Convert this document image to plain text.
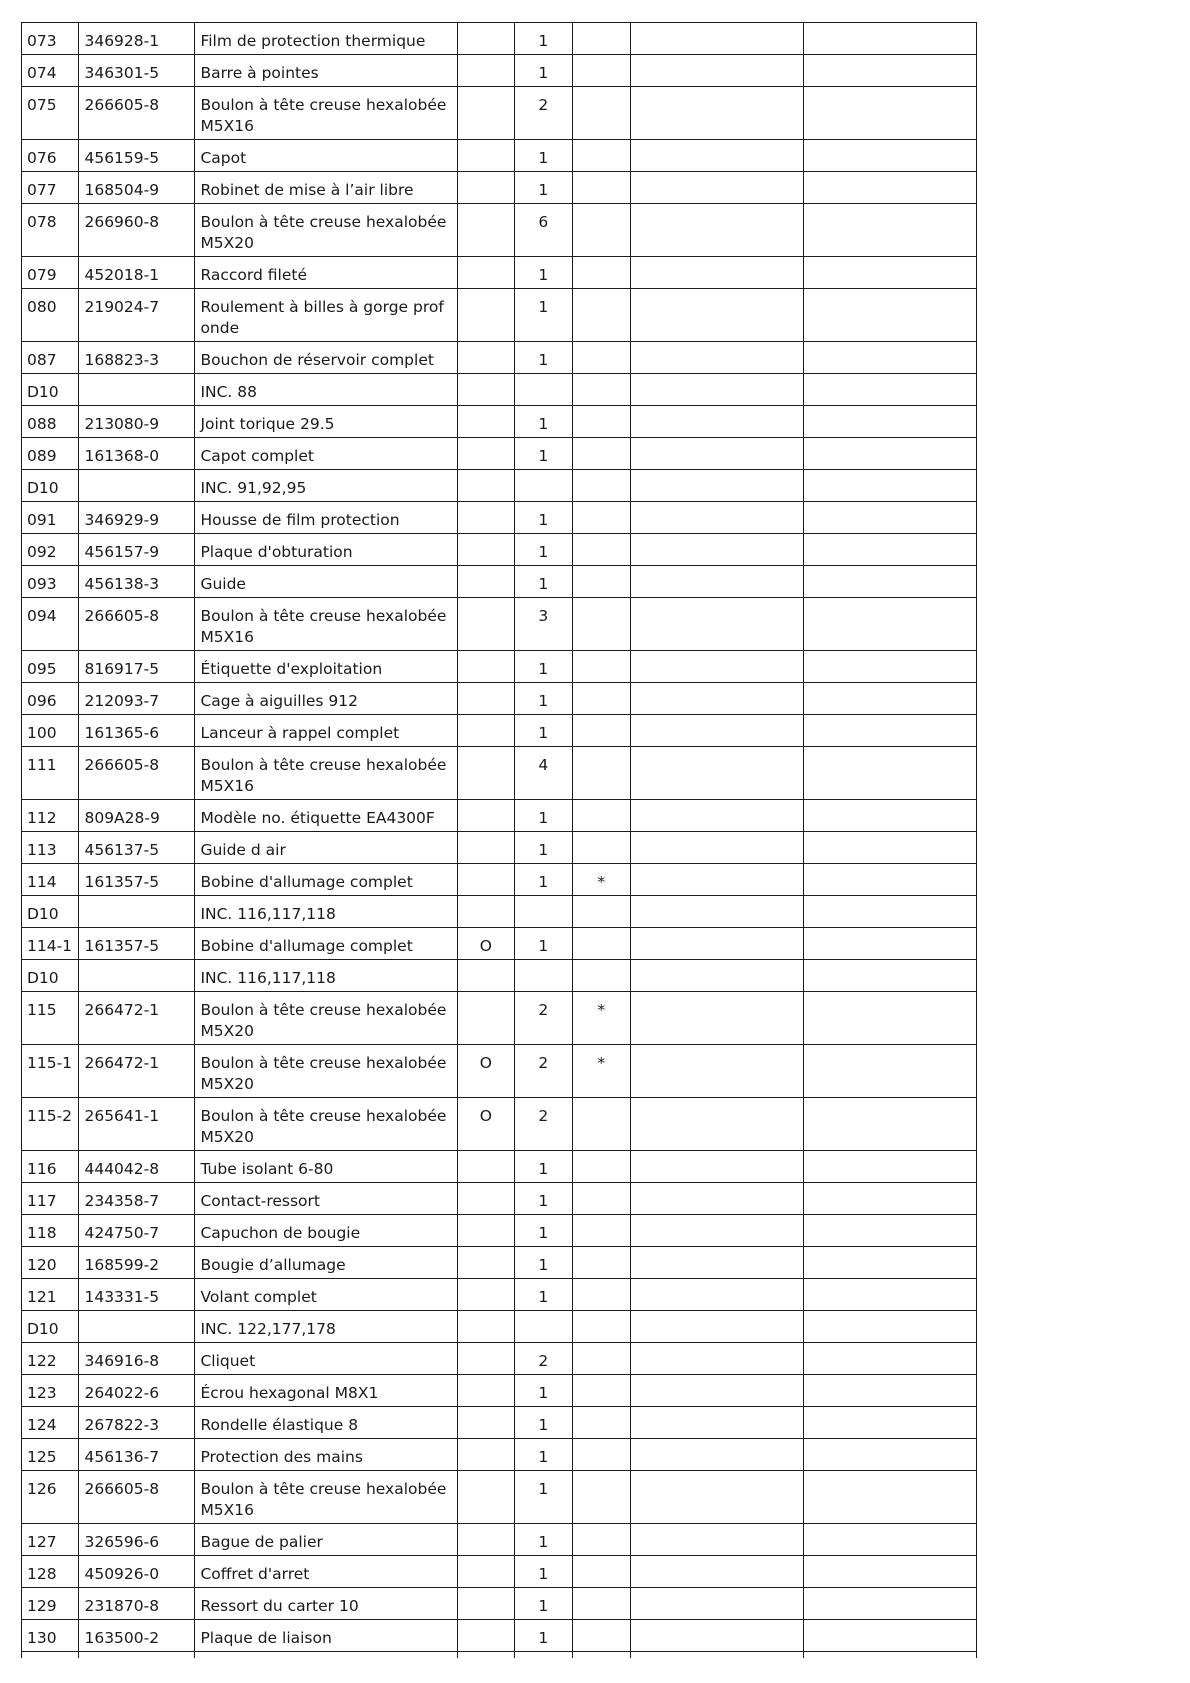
073	346928-1	Film de protection thermique		1			
074	346301-5	Barre à pointes		1			
075	266605-8	Boulon à tête creuse hexalobée M5X16		2			
076	456159-5	Capot		1			
077	168504-9	Robinet de mise à l’air libre		1			
078	266960-8	Boulon à tête creuse hexalobée M5X20		6			
079	452018-1	Raccord fileté		1			
080	219024-7	Roulement à billes à gorge profonde		1			
087	168823-3	Bouchon de réservoir complet		1			
D10		INC. 88					
088	213080-9	Joint torique 29.5		1			
089	161368-0	Capot complet		1			
D10		INC. 91,92,95					
091	346929-9	Housse de film protection		1			
092	456157-9	Plaque d'obturation		1			
093	456138-3	Guide		1			
094	266605-8	Boulon à tête creuse hexalobée M5X16		3			
095	816917-5	Étiquette d'exploitation		1			
096	212093-7	Cage à aiguilles 912		1			
100	161365-6	Lanceur à rappel complet		1			
111	266605-8	Boulon à tête creuse hexalobée M5X16		4			
112	809A28-9	Modèle no. étiquette EA4300F		1			
113	456137-5	Guide d air		1			
114	161357-5	Bobine d'allumage complet		1	*		
D10		INC. 116,117,118					
114-1	161357-5	Bobine d'allumage complet	O	1			
D10		INC. 116,117,118					
115	266472-1	Boulon à tête creuse hexalobée M5X20		2	*		
115-1	266472-1	Boulon à tête creuse hexalobée M5X20	O	2	*		
115-2	265641-1	Boulon à tête creuse hexalobée M5X20	O	2			
116	444042-8	Tube isolant 6-80		1			
117	234358-7	Contact-ressort		1			
118	424750-7	Capuchon de bougie		1			
120	168599-2	Bougie d’allumage		1			
121	143331-5	Volant complet		1			
D10		INC. 122,177,178					
122	346916-8	Cliquet		2			
123	264022-6	Écrou hexagonal M8X1		1			
124	267822-3	Rondelle élastique 8		1			
125	456136-7	Protection des mains		1			
126	266605-8	Boulon à tête creuse hexalobée M5X16		1			
127	326596-6	Bague de palier		1			
128	450926-0	Coffret d'arret		1			
129	231870-8	Ressort du carter 10		1			
130	163500-2	Plaque de liaison		1			
